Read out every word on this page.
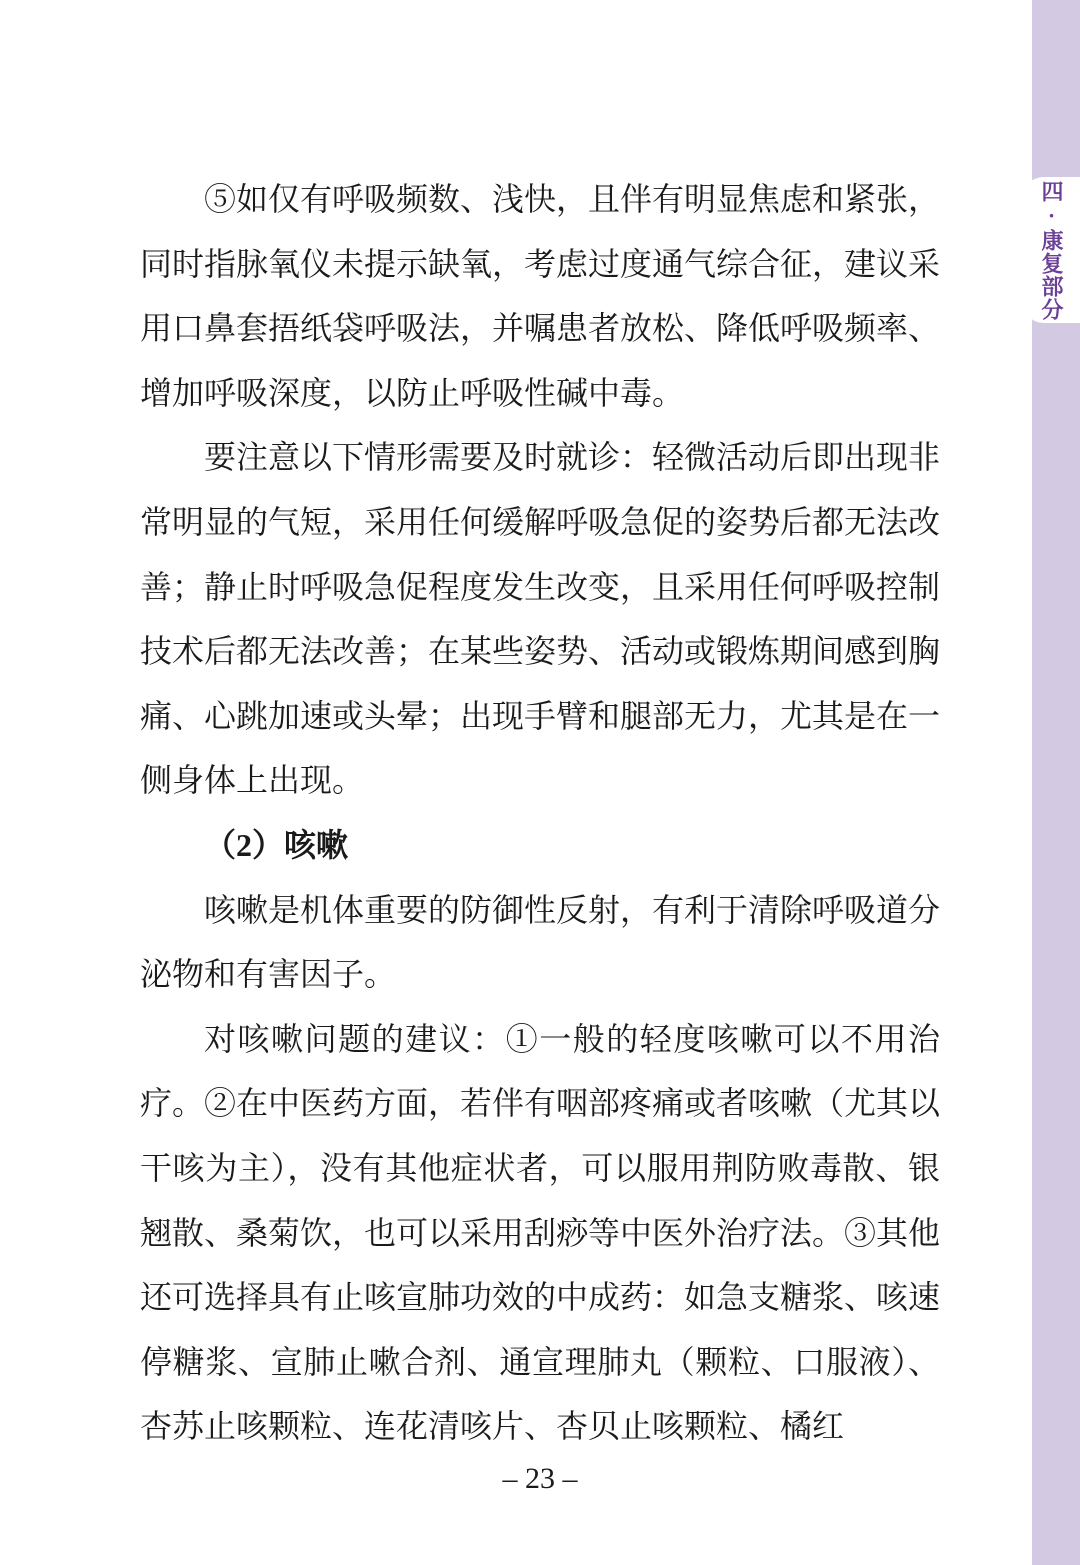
四·康复部分

⑤如仅有呼吸频数、浅快，且伴有明显焦虑和紧张，同时指脉氧仪未提示缺氧，考虑过度通气综合征，建议采用口鼻套捂纸袋呼吸法，并嘱患者放松、降低呼吸频率、增加呼吸深度，以防止呼吸性碱中毒。

要注意以下情形需要及时就诊：轻微活动后即出现非常明显的气短，采用任何缓解呼吸急促的姿势后都无法改善；静止时呼吸急促程度发生改变，且采用任何呼吸控制技术后都无法改善；在某些姿势、活动或锻炼期间感到胸痛、心跳加速或头晕；出现手臂和腿部无力，尤其是在一侧身体上出现。

（2）咳嗽

咳嗽是机体重要的防御性反射，有利于清除呼吸道分泌物和有害因子。

对咳嗽问题的建议：①一般的轻度咳嗽可以不用治疗。②在中医药方面，若伴有咽部疼痛或者咳嗽（尤其以干咳为主），没有其他症状者，可以服用荆防败毒散、银翘散、桑菊饮，也可以采用刮痧等中医外治疗法。③其他还可选择具有止咳宣肺功效的中成药：如急支糖浆、咳速停糖浆、宣肺止嗽合剂、通宣理肺丸（颗粒、口服液）、杏苏止咳颗粒、连花清咳片、杏贝止咳颗粒、橘红

– 23 –
